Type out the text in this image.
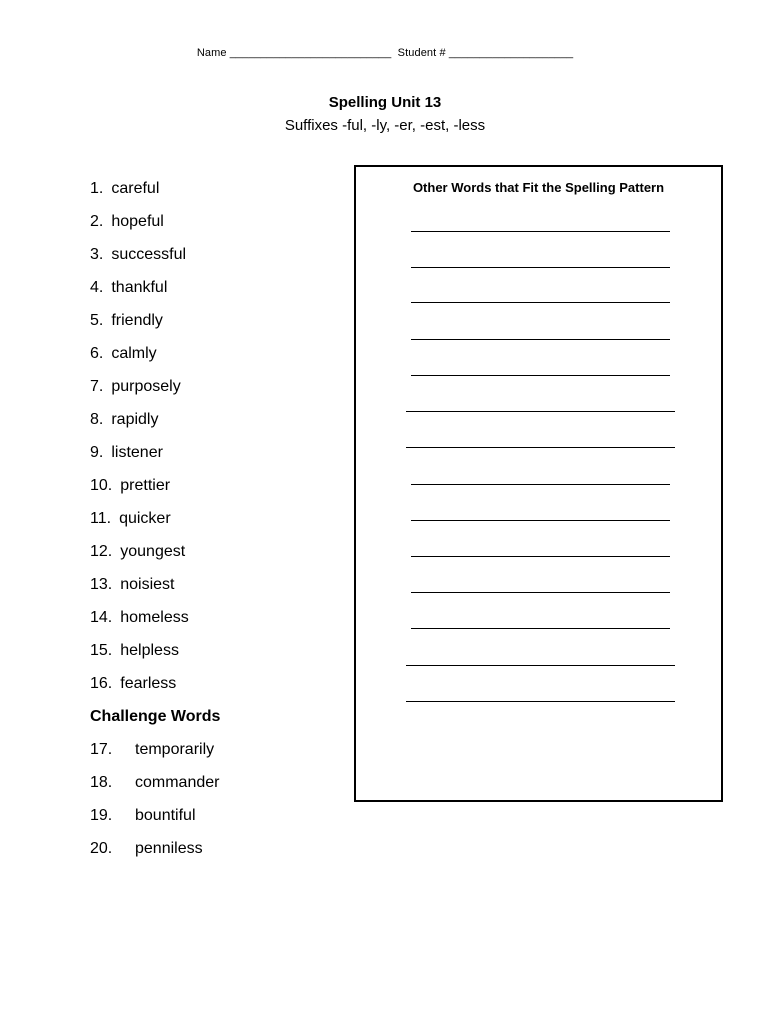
Name __________________________  Student # ____________________
Spelling Unit 13
Suffixes -ful, -ly, -er, -est, -less
1. careful
2. hopeful
3. successful
4. thankful
5. friendly
6. calmly
7. purposely
8. rapidly
9. listener
10. prettier
11. quicker
12. youngest
13. noisiest
14. homeless
15. helpless
16. fearless
Challenge Words
17. temporarily
18. commander
19. bountiful
20. penniless
Other Words that Fit the Spelling Pattern
